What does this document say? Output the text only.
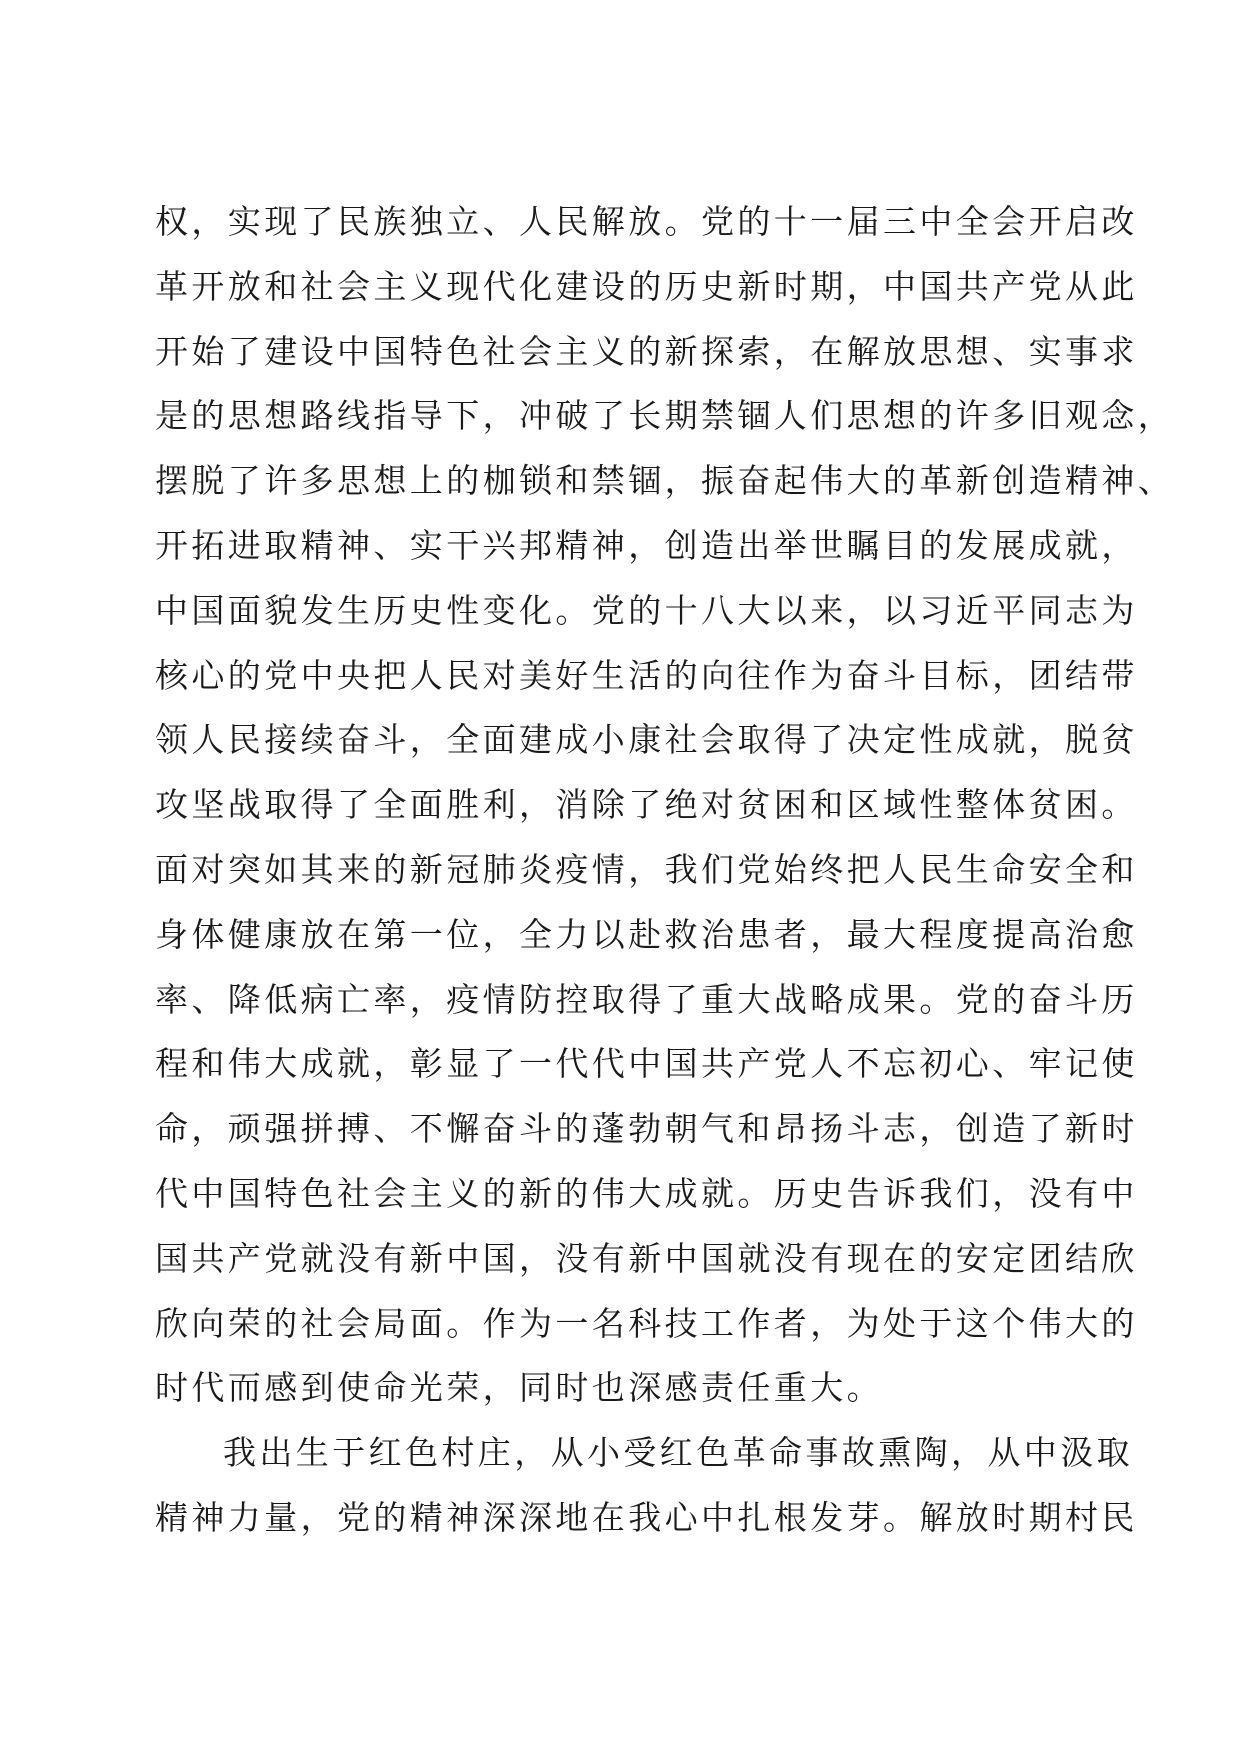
权，实现了民族独立、人民解放。党的十一届三中全会开启改
革开放和社会主义现代化建设的历史新时期，中国共产党从此
开始了建设中国特色社会主义的新探索，在解放思想、实事求
是的思想路线指导下，冲破了长期禁锢人们思想的许多旧观念，
摆脱了许多思想上的枷锁和禁锢，振奋起伟大的革新创造精神、
开拓进取精神、实干兴邦精神，创造出举世瞩目的发展成就，
中国面貌发生历史性变化。党的十八大以来，以习近平同志为
核心的党中央把人民对美好生活的向往作为奋斗目标，团结带
领人民接续奋斗，全面建成小康社会取得了决定性成就，脱贫
攻坚战取得了全面胜利，消除了绝对贫困和区域性整体贫困。
面对突如其来的新冠肺炎疫情，我们党始终把人民生命安全和
身体健康放在第一位，全力以赴救治患者，最大程度提高治愈
率、降低病亡率，疫情防控取得了重大战略成果。党的奋斗历
程和伟大成就，彰显了一代代中国共产党人不忘初心、牢记使
命，顽强拼搏、不懈奋斗的蓬勃朝气和昂扬斗志，创造了新时
代中国特色社会主义的新的伟大成就。历史告诉我们，没有中
国共产党就没有新中国，没有新中国就没有现在的安定团结欣
欣向荣的社会局面。作为一名科技工作者，为处于这个伟大的
时代而感到使命光荣，同时也深感责任重大。
我出生于红色村庄，从小受红色革命事故熏陶，从中汲取
精神力量，党的精神深深地在我心中扎根发芽。解放时期村民
